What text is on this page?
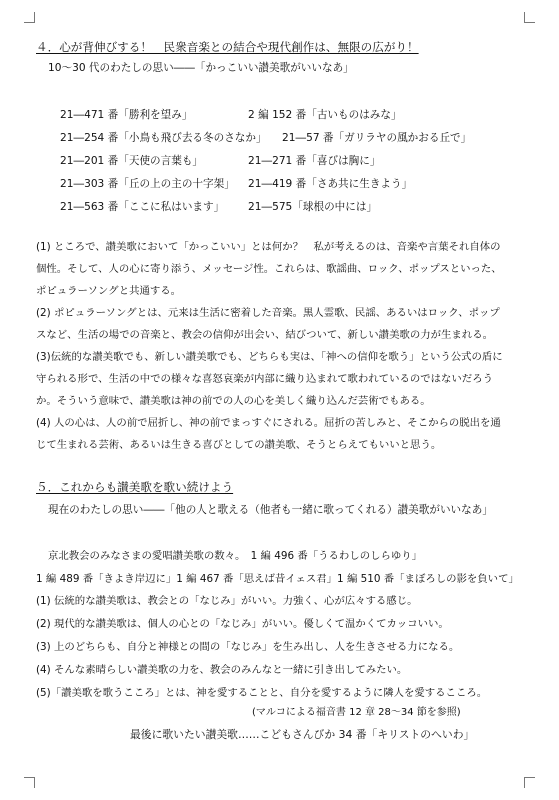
４．心が背伸びする！　民衆音楽との結合や現代創作は、無限の広がり！
10〜30 代のわたしの思い――「かっこいい讃美歌がいいなあ」
21―471 番「勝利を望み」
21―254 番「小鳥も飛び去る冬のさなか」
21―201 番「天使の言葉も」
21―303 番「丘の上の主の十字架」
21―563 番「ここに私はいます」
2 編 152 番「古いものはみな」
21―57 番「ガリラヤの風かおる丘で」
21―271 番「喜びは胸に」
21―419 番「さあ共に生きよう」
21―575「球根の中には」
(1) ところで、讃美歌において「かっこいい」とは何か？　私が考えるのは、音楽や言葉それ自体の
個性。そして、人の心に寄り添う、メッセージ性。これらは、歌謡曲、ロック、ポップスといった、
ポピュラーソングと共通する。
(2) ポピュラーソングとは、元来は生活に密着した音楽。黒人霊歌、民謡、あるいはロック、ポップ
スなど、生活の場での音楽と、教会の信仰が出会い、結びついて、新しい讃美歌の力が生まれる。
(3)伝統的な讃美歌でも、新しい讃美歌でも、どちらも実は、「神への信仰を歌う」という公式の盾に
守られる形で、生活の中での様々な喜怒哀楽が内部に織り込まれて歌われているのではないだろう
か。そういう意味で、讃美歌は神の前での人の心を美しく織り込んだ芸術でもある。
(4) 人の心は、人の前で屈折し、神の前でまっすぐにされる。屈折の苦しみと、そこからの脱出を通
じて生まれる芸術、あるいは生きる喜びとしての讃美歌、そうとらえてもいいと思う。
５．これからも讃美歌を歌い続けよう
現在のわたしの思い――「他の人と歌える（他者も一緒に歌ってくれる）讃美歌がいいなあ」
京北教会のみなさまの愛唱讃美歌の数々。　1 編 496 番「うるわしのしらゆり」
1 編 489 番「きよき岸辺に」1 編 467 番「思えば昔イェス君」1 編 510 番「まぼろしの影を負いて」
(1) 伝統的な讃美歌は、教会との「なじみ」がいい。力強く、心が広々する感じ。
(2) 現代的な讃美歌は、個人の心との「なじみ」がいい。優しくて温かくてカッコいい。
(3) 上のどちらも、自分と神様との間の「なじみ」を生み出し、人を生きさせる力になる。
(4) そんな素晴らしい讃美歌の力を、教会のみんなと一緒に引き出してみたい。
(5)「讃美歌を歌うこころ」とは、神を愛することと、自分を愛するように隣人を愛するこころ。
(マルコによる福音書 12 章 28〜34 節を参照)
最後に歌いたい讃美歌……こどもさんびか 34 番「キリストのへいわ」
